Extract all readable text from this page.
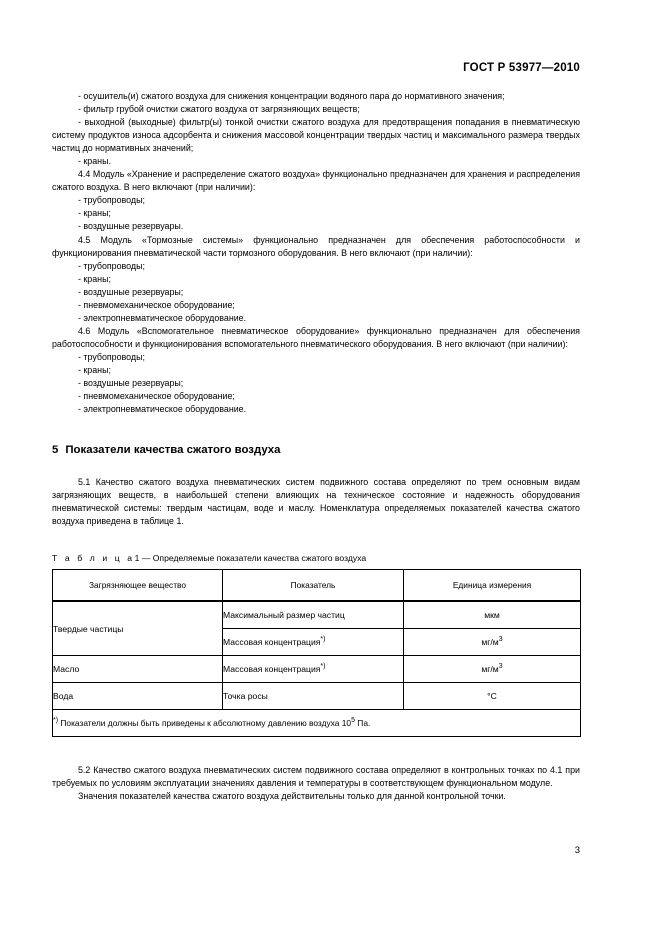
ГОСТ Р 53977—2010

- осушитель(и) сжатого воздуха для снижения концентрации водяного пара до нормативного значения;

- фильтр грубой очистки сжатого воздуха от загрязняющих веществ;

- выходной (выходные) фильтр(ы) тонкой очистки сжатого воздуха для предотвращения попадания в пневматическую систему продуктов износа адсорбента и снижения массовой концентрации твердых частиц и максимального размера твердых частиц до нормативных значений;

- краны.

4.4 Модуль «Хранение и распределение сжатого воздуха» функционально предназначен для хранения и распределения сжатого воздуха. В него включают (при наличии):

- трубопроводы;

- краны;

- воздушные резервуары.

4.5 Модуль «Тормозные системы» функционально предназначен для обеспечения работоспособности и функционирования пневматической части тормозного оборудования. В него включают (при наличии):

- трубопроводы;

- краны;

- воздушные резервуары;

- пневмомеханическое оборудование;

- электропневматическое оборудование.

4.6 Модуль «Вспомогательное пневматическое оборудование» функционально предназначен для обеспечения работоспособности и функционирования вспомогательного пневматического оборудования. В него включают (при наличии):

- трубопроводы;

- краны;

- воздушные резервуары;

- пневмомеханическое оборудование;

- электропневматическое оборудование.

5 Показатели качества сжатого воздуха

5.1 Качество сжатого воздуха пневматических систем подвижного состава определяют по трем основным видам загрязняющих веществ, в наибольшей степени влияющих на техническое состояние и надежность оборудования пневматической системы: твердым частицам, воде и маслу. Номенклатура определяемых показателей качества сжатого воздуха приведена в таблице 1.

Т а б л и ц а1 — Определяемые показатели качества сжатого воздуха

Загрязняющее вещество	Показатель	Единица измерения
Твердые частицы	Максимальный размер частиц	мкм
	Массовая концентрация*)	мг/м$^3$
Масло	Массовая концентрация*)	мг/м$^3$
Вода	Точка росы	°С
*) Показатели должны быть приведены к абсолютному давлению воздуха 10$^5$ Па.		

5.2 Качество сжатого воздуха пневматических систем подвижного состава определяют в контрольных точках по 4.1 при требуемых по условиям эксплуатации значениях давления и температуры в соответствующем функциональном модуле.

Значения показателей качества сжатого воздуха действительны только для данной контрольной точки.

3
